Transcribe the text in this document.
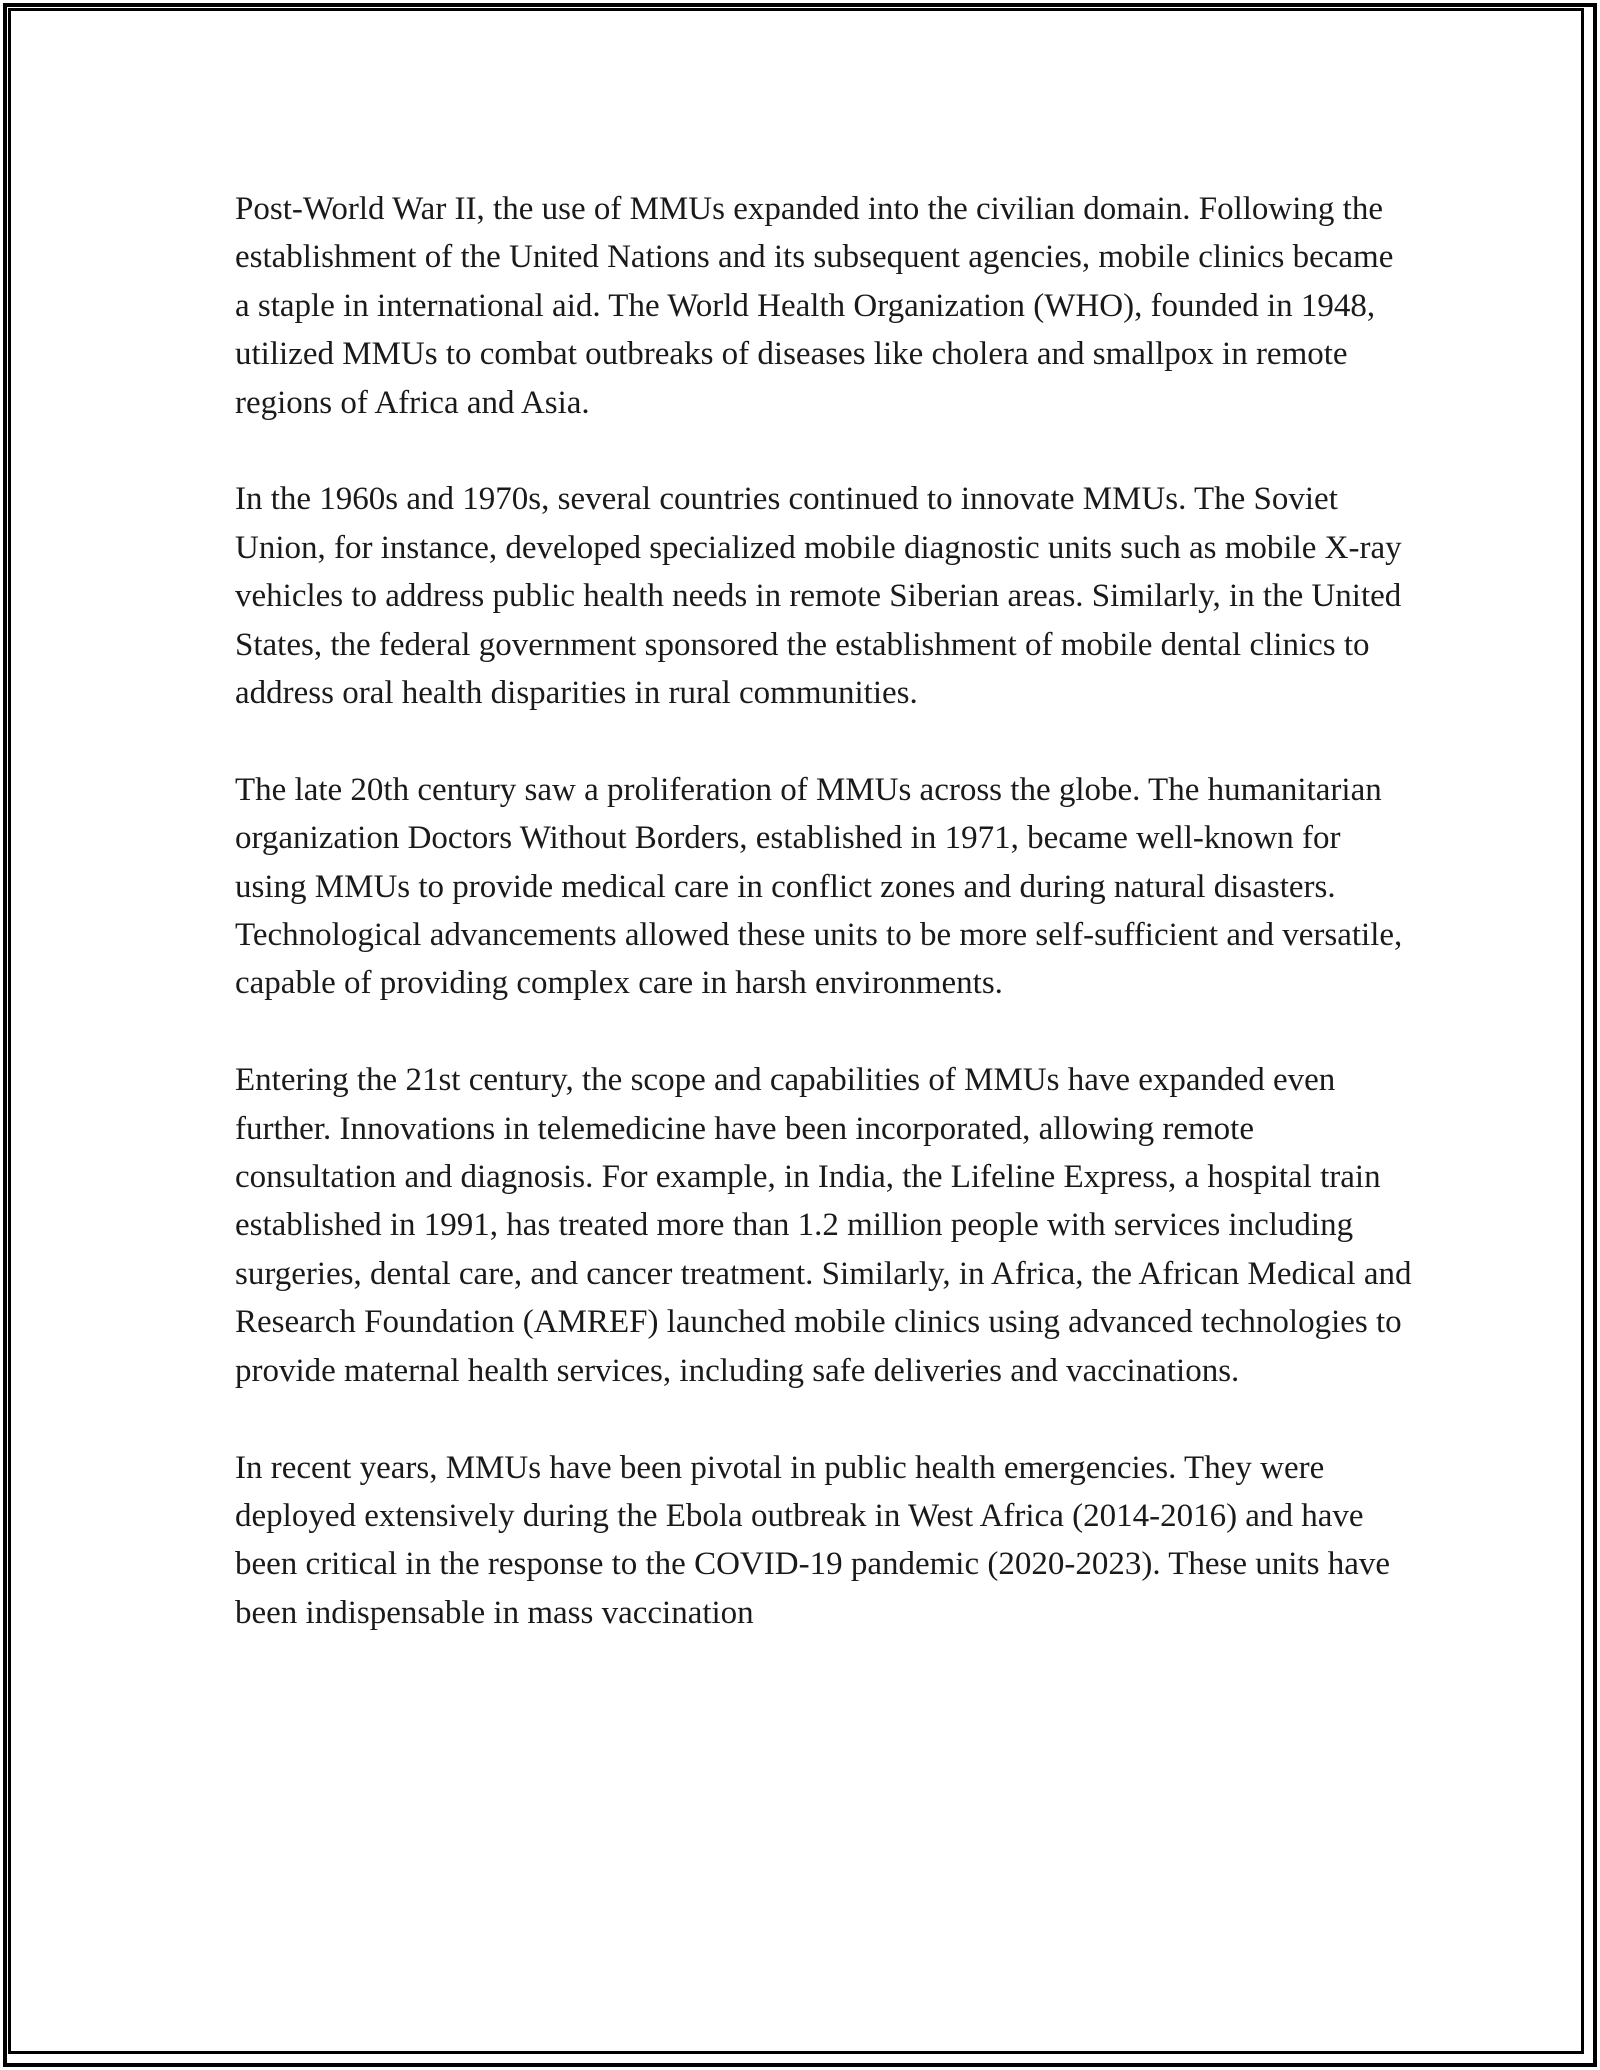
Post-World War II, the use of MMUs expanded into the civilian domain. Following the establishment of the United Nations and its subsequent agencies, mobile clinics became a staple in international aid. The World Health Organization (WHO), founded in 1948, utilized MMUs to combat outbreaks of diseases like cholera and smallpox in remote regions of Africa and Asia.

In the 1960s and 1970s, several countries continued to innovate MMUs. The Soviet Union, for instance, developed specialized mobile diagnostic units such as mobile X-ray vehicles to address public health needs in remote Siberian areas. Similarly, in the United States, the federal government sponsored the establishment of mobile dental clinics to address oral health disparities in rural communities.

The late 20th century saw a proliferation of MMUs across the globe. The humanitarian organization Doctors Without Borders, established in 1971, became well-known for using MMUs to provide medical care in conflict zones and during natural disasters. Technological advancements allowed these units to be more self-sufficient and versatile, capable of providing complex care in harsh environments.

Entering the 21st century, the scope and capabilities of MMUs have expanded even further. Innovations in telemedicine have been incorporated, allowing remote consultation and diagnosis. For example, in India, the Lifeline Express, a hospital train established in 1991, has treated more than 1.2 million people with services including surgeries, dental care, and cancer treatment. Similarly, in Africa, the African Medical and Research Foundation (AMREF) launched mobile clinics using advanced technologies to provide maternal health services, including safe deliveries and vaccinations.

In recent years, MMUs have been pivotal in public health emergencies. They were deployed extensively during the Ebola outbreak in West Africa (2014-2016) and have been critical in the response to the COVID-19 pandemic (2020-2023). These units have been indispensable in mass vaccination
